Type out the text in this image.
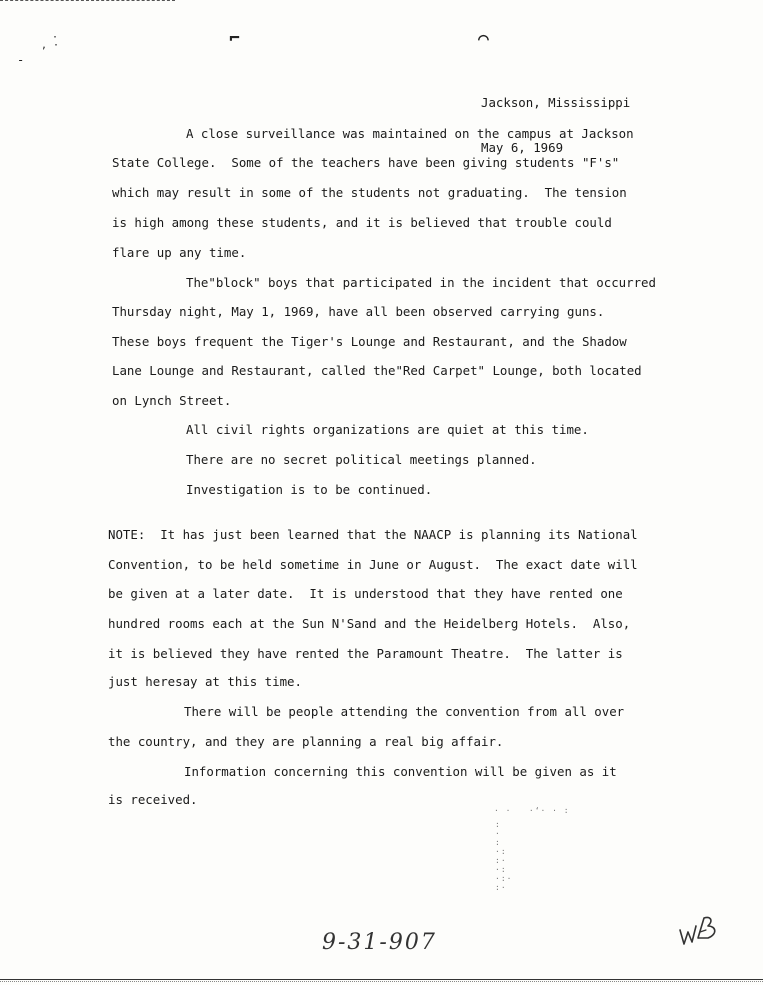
·
‚ ·
-
⌐	⌒

Jackson, Mississippi

May 6, 1969

A close surveillance was maintained on the campus at Jackson
State College.  Some of the teachers have been giving students "F's"
which may result in some of the students not graduating.  The tension
is high among these students, and it is believed that trouble could
flare up any time.
The"block" boys that participated in the incident that occurred
Thursday night, May 1, 1969, have all been observed carrying guns.
These boys frequent the Tiger's Lounge and Restaurant, and the Shadow
Lane Lounge and Restaurant, called the"Red Carpet" Lounge, both located
on Lynch Street.
All civil rights organizations are quiet at this time.
There are no secret political meetings planned.
Investigation is to be continued.
NOTE:  It has just been learned that the NAACP is planning its National
Convention, to be held sometime in June or August.  The exact date will
be given at a later date.  It is understood that they have rented one
hundred rooms each at the Sun N'Sand and the Heidelberg Hotels.  Also,
it is believed they have rented the Paramount Theatre.  The latter is
just heresay at this time.
There will be people attending the convention from all over
the country, and they are planning a real big affair.
Information concerning this convention will be given as it
is received.
· ·   ·‘· · :
:
·
:
·:
:·
·:
·:·
:·
9-31-907
